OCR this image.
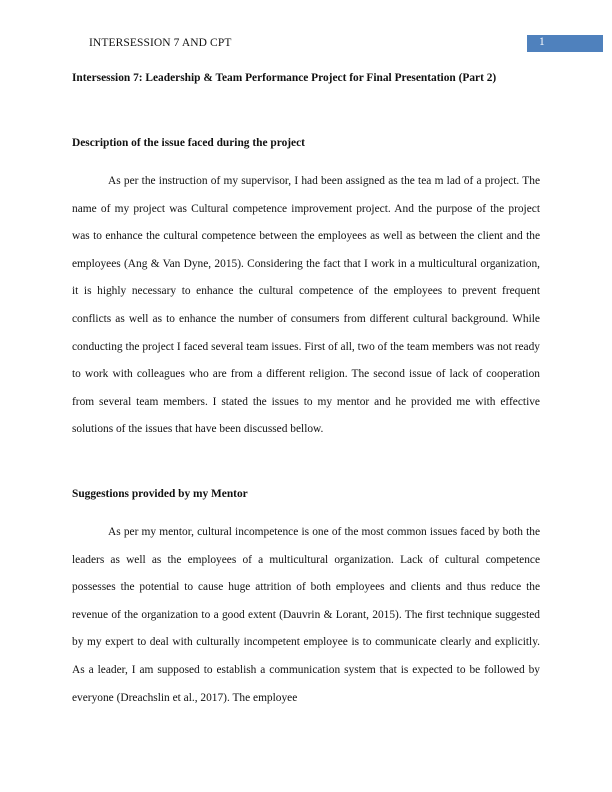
INTERSESSION 7 AND CPT	1
Intersession 7: Leadership & Team Performance Project for Final Presentation (Part 2)
Description of the issue faced during the project

As per the instruction of my supervisor, I had been assigned as the tea m lad of a project. The name of my project was Cultural competence improvement project. And the purpose of the project was to enhance the cultural competence between the employees as well as between the client and the employees (Ang & Van Dyne, 2015). Considering the fact that I work in a multicultural organization, it is highly necessary to enhance the cultural competence of the employees to prevent frequent conflicts as well as to enhance the number of consumers from different cultural background. While conducting the project I faced several team issues. First of all, two of the team members was not ready to work with colleagues who are from a different religion. The second issue of lack of cooperation from several team members. I stated the issues to my mentor and he provided me with effective solutions of the issues that have been discussed bellow.

Suggestions provided by my Mentor

As per my mentor, cultural incompetence is one of the most common issues faced by both the leaders as well as the employees of a multicultural organization. Lack of cultural competence possesses the potential to cause huge attrition of both employees and clients and thus reduce the revenue of the organization to a good extent (Dauvrin & Lorant, 2015). The first technique suggested by my expert to deal with culturally incompetent employee is to communicate clearly and explicitly. As a leader, I am supposed to establish a communication system that is expected to be followed by everyone (Dreachslin et al., 2017). The employee
